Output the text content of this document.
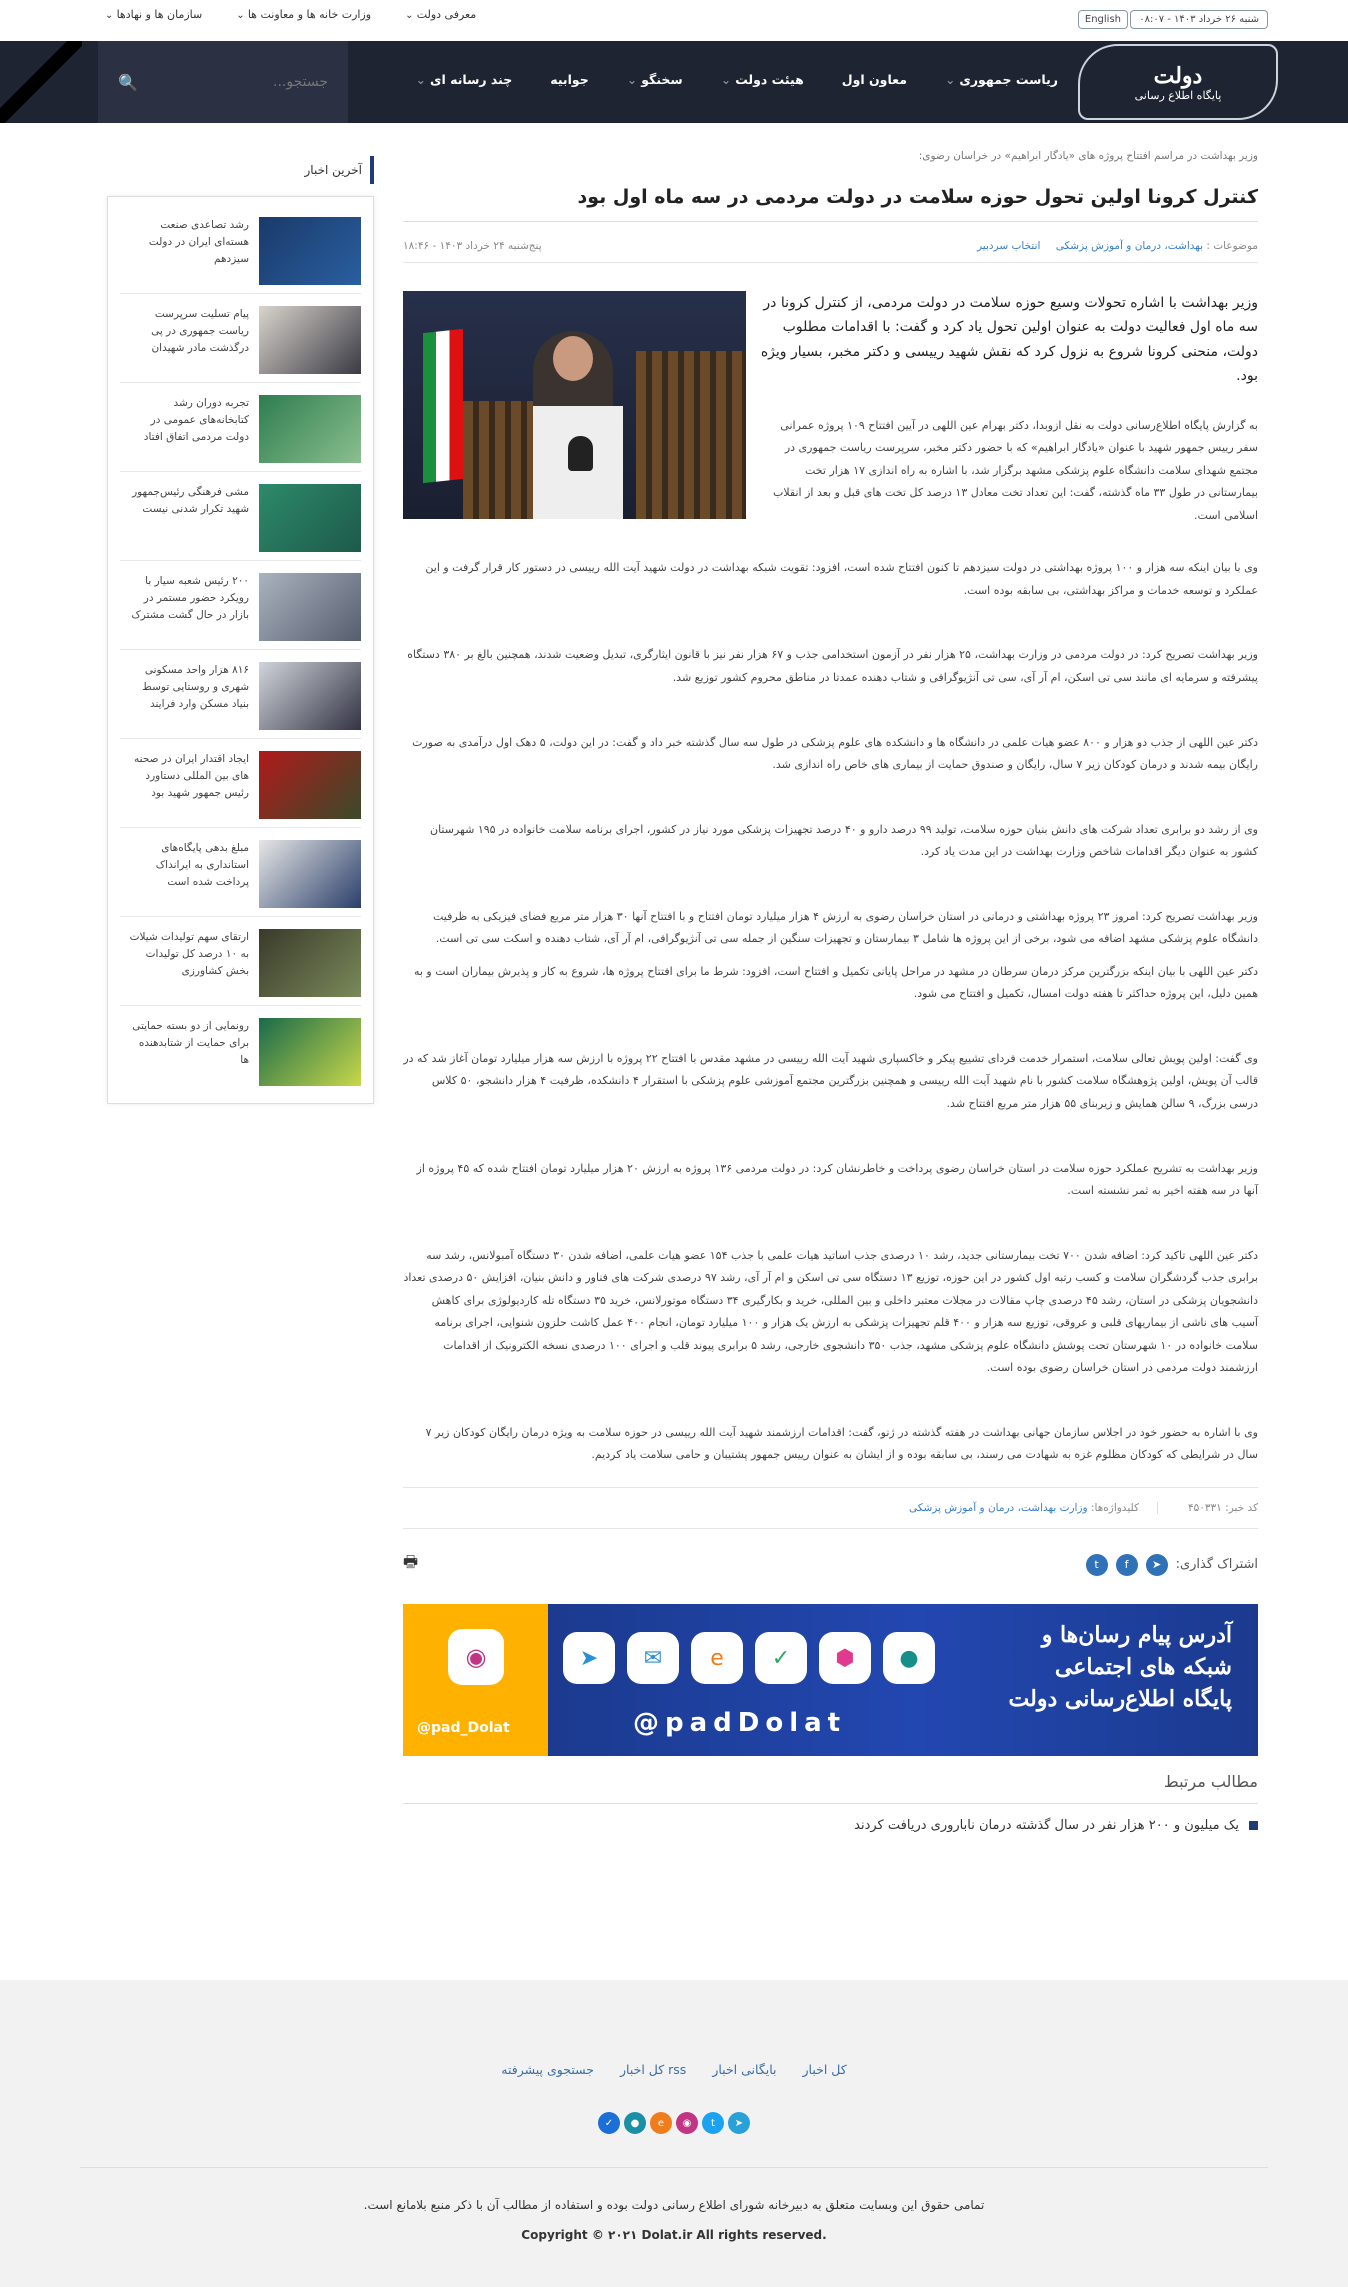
شنبه ۲۶ خرداد ۱۴۰۳ - ۰۸:۰۷
English
معرفی دولت ⌄
وزارت خانه ها و معاونت ها ⌄
سازمان ها و نهادها ⌄
جستجو...
🔍	ریاست جمهوری ⌄
معاون اول
هیئت دولت ⌄
سخنگو ⌄
جوابیه
چند رسانه ای ⌄	دولت
پایگاه اطلاع رسانی
وزیر بهداشت در مراسم افتتاح پروژه های «یادگار ابراهیم» در خراسان رضوی:
کنترل کرونا اولین تحول حوزه سلامت در دولت مردمی در سه ماه اول بود
موضوعات : بهداشت، درمان و آموزش پزشکی انتخاب سردبیر
پنج‌شنبه ۲۴ خرداد ۱۴۰۳ - ۱۸:۴۶

وزیر بهداشت با اشاره تحولات وسیع حوزه سلامت در دولت مردمی، از کنترل کرونا در سه ماه اول فعالیت دولت به عنوان اولین تحول یاد کرد و گفت: با اقدامات مطلوب دولت، منحنی کرونا شروع به نزول کرد که نقش شهید رییسی و دکتر مخبر، بسیار ویژه بود.

به گزارش پایگاه اطلاع‌رسانی دولت به نقل ازوبدا، دکتر بهرام عین اللهی در آیین افتتاح ۱۰۹ پروژه عمرانی سفر رییس جمهور شهید با عنوان «یادگار ابراهیم» که با حضور دکتر مخبر، سرپرست ریاست جمهوری در مجتمع شهدای سلامت دانشگاه علوم پزشکی مشهد برگزار شد، با اشاره به راه اندازی ۱۷ هزار تخت بیمارستانی در طول ۳۳ ماه گذشته، گفت: این تعداد تخت معادل ۱۳ درصد کل تخت های قبل و بعد از انقلاب اسلامی است.

وی با بیان اینکه سه هزار و ۱۰۰ پروژه بهداشتی در دولت سیزدهم تا کنون افتتاح شده است، افزود: تقویت شبکه بهداشت در دولت شهید آیت الله رییسی در دستور کار قرار گرفت و این عملکرد و توسعه خدمات و مراکز بهداشتی، بی سابقه بوده است.

وزیر بهداشت تصریح کرد: در دولت مردمی در وزارت بهداشت، ۲۵ هزار نفر در آزمون استخدامی جذب و ۶۷ هزار نفر نیز با قانون ایثارگری، تبدیل وضعیت شدند، همچنین بالغ بر ۳۸۰ دستگاه پیشرفته و سرمایه ای مانند سی تی اسکن، ام آر آی، سی تی آنژیوگرافی و شتاب دهنده عمدتا در مناطق محروم کشور توزیع شد.

دکتر عین اللهی از جذب دو هزار و ۸۰۰ عضو هیات علمی در دانشگاه ها و دانشکده های علوم پزشکی در طول سه سال گذشته خبر داد و گفت: در این دولت، ۵ دهک اول درآمدی به صورت رایگان بیمه شدند و درمان کودکان زیر ۷ سال، رایگان و صندوق حمایت از بیماری های خاص راه اندازی شد.

وی از رشد دو برابری تعداد شرکت های دانش بنیان حوزه سلامت، تولید ۹۹ درصد دارو و ۴۰ درصد تجهیزات پزشکی مورد نیاز در کشور، اجرای برنامه سلامت خانواده در ۱۹۵ شهرستان کشور به عنوان دیگر اقدامات شاخص وزارت بهداشت در این مدت یاد کرد.

وزیر بهداشت تصریح کرد: امروز ۲۳ پروژه بهداشتی و درمانی در استان خراسان رضوی به ارزش ۴ هزار میلیارد تومان افتتاح و با افتتاح آنها ۳۰ هزار متر مربع فضای فیزیکی به ظرفیت دانشگاه علوم پزشکی مشهد اضافه می شود، برخی از این پروژه ها شامل ۳ بیمارستان و تجهیزات سنگین از جمله سی تی آنژیوگرافی، ام آر آی، شتاب دهنده و اسکت سی تی است.

دکتر عین اللهی با بیان اینکه بزرگترین مرکز درمان سرطان در مشهد در مراحل پایانی تکمیل و افتتاح است، افزود: شرط ما برای افتتاح پروژه ها، شروع به کار و پذیرش بیماران است و به همین دلیل، این پروژه حداکثر تا هفته دولت امسال، تکمیل و افتتاح می شود.

وی گفت: اولین پویش تعالی سلامت، استمرار خدمت فردای تشییع پیکر و خاکسپاری شهید آیت الله رییسی در مشهد مقدس با افتتاح ۲۲ پروژه با ارزش سه هزار میلیارد تومان آغاز شد که در قالب آن پویش، اولین پژوهشگاه سلامت کشور با نام شهید آیت الله رییسی و همچنین بزرگترین مجتمع آموزشی علوم پزشکی با استقرار ۴ دانشکده، ظرفیت ۴ هزار دانشجو، ۵۰ کلاس درسی بزرگ، ۹ سالن همایش و زیربنای ۵۵ هزار متر مربع افتتاح شد.

وزیر بهداشت به تشریح عملکرد حوزه سلامت در استان خراسان رضوی پرداخت و خاطرنشان کرد: در دولت مردمی ۱۳۶ پروژه به ارزش ۲۰ هزار میلیارد تومان افتتاح شده که ۴۵ پروژه از آنها در سه هفته اخیر به ثمر نشسته است.

دکتر عین اللهی تاکید کرد: اضافه شدن ۷۰۰ تخت بیمارستانی جدید، رشد ۱۰ درصدی جذب اساتید هیات علمی با جذب ۱۵۴ عضو هیات علمی، اضافه شدن ۳۰ دستگاه آمبولانس، رشد سه برابری جذب گردشگران سلامت و کسب رتبه اول کشور در این حوزه، توزیع ۱۳ دستگاه سی تی اسکن و ام آر آی، رشد ۹۷ درصدی شرکت های فناور و دانش بنیان، افزایش ۵۰ درصدی تعداد دانشجویان پزشکی در استان، رشد ۴۵ درصدی چاپ مقالات در مجلات معتبر داخلی و بین المللی، خرید و بکارگیری ۳۴ دستگاه موتورلانس، خرید ۳۵ دستگاه تله کاردیولوژی برای کاهش آسیب های ناشی از بیماریهای قلبی و عروقی، توزیع سه هزار و ۴۰۰ قلم تجهیزات پزشکی به ارزش یک هزار و ۱۰۰ میلیارد تومان، انجام ۴۰۰ عمل کاشت حلزون شنوایی، اجرای برنامه سلامت خانواده در ۱۰ شهرستان تحت پوشش دانشگاه علوم پزشکی مشهد، جذب ۳۵۰ دانشجوی خارجی، رشد ۵ برابری پیوند قلب و اجرای ۱۰۰ درصدی نسخه الکترونیک از اقدامات ارزشمند دولت مردمی در استان خراسان رضوی بوده است.

وی با اشاره به حضور خود در اجلاس سازمان جهانی بهداشت در هفته گذشته در ژنو، گفت: اقدامات ارزشمند شهید آیت الله رییسی در حوزه سلامت به ویژه درمان رایگان کودکان زیر ۷ سال در شرایطی که کودکان مظلوم غزه به شهادت می رسند، بی سابقه بوده و از ایشان به عنوان رییس جمهور پشتیبان و حامی سلامت یاد کردیم.

کد خبر: ۴۵۰۳۳۱
کلیدواژه‌ها: وزارت بهداشت، درمان و آموزش پزشکی
اشتراک گذاری:
➤
f
t
🖶
◉
@pad_Dolat
➤	✉	e	✓	⬢	●
@padDolat
آدرس پیام رسان‌ها و
شبکه های اجتماعی
پایگاه اطلاع‌رسانی دولت
مطالب مرتبط
یک میلیون و ۲۰۰ هزار نفر در سال گذشته درمان ناباروری دریافت کردند
آخرین اخبار
رشد تصاعدی صنعت هسته‌ای ایران در دولت سیزدهم
پیام تسلیت سرپرست ریاست جمهوری در پی درگذشت مادر شهیدان
تجربه دوران رشد کتابخانه‌های عمومی در دولت مردمی اتفاق افتاد
مشی فرهنگی رئیس‌جمهور شهید تکرار شدنی نیست
۲۰۰ رئیس شعبه سیار با رویکرد حضور مستمر در بازار در حال گشت مشترک
۸۱۶ هزار واحد مسکونی شهری و روستایی توسط بنیاد مسکن وارد فرایند
ایجاد اقتدار ایران در صحنه های بین المللی دستاورد رئیس جمهور شهید بود
مبلغ بدهی پایگاه‌های استانداری به ایرانداک پرداخت شده است
ارتقای سهم تولیدات شیلات به ۱۰ درصد کل تولیدات بخش کشاورزی
رونمایی از دو بسته حمایتی برای حمایت از شتابدهنده ها
کل اخبار
بایگانی اخبار
rss کل اخبار
جستجوی پیشرفته
✓	●	e	◉	t	➤
تمامی حقوق این وبسایت متعلق به دبیرخانه شورای اطلاع رسانی دولت بوده و استفاده از مطالب آن با ذکر منبع بلامانع است.
Copyright © ۲۰۲۱ Dolat.ir All rights reserved.
